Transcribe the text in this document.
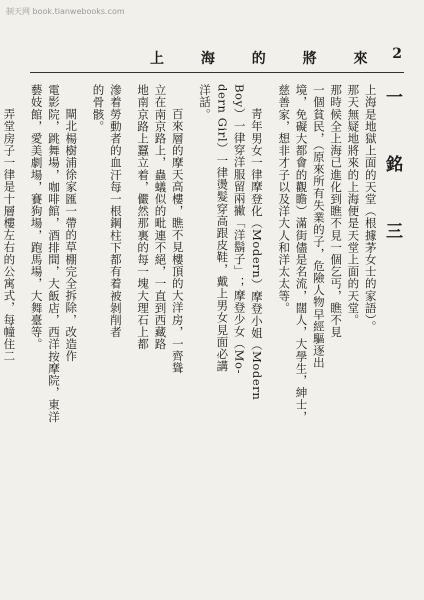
制天网 book.tianwebooks.com
上 海 的 將 來 2
一 銘 三
上海是地獄上面的天堂（根據茅女士的家語）。
那天無疑地將來的上海便是天堂上面的天堂。
那時候全上海已進化到瞧不見一個乞丐，瞧不見
一個貧民，（原來所有失業的子，危險人物早經驅逐出
境，免礙大都會的觀瞻）滿街儘是名流，闊人，大學生，紳士，
慈善家，想非才子以及洋大人和洋太太等。
靑年男女一律摩登化（Modern）摩登小姐（Modern
Boy）一律穿洋服留兩撇「洋鬍子」；摩登少女（Mo-
dern Girl）一律燙髮穿高跟皮鞋，戴上男女見面必講
洋話。
百來層的摩天高樓，瞧不見樓頂的大洋房，一齊聳
立在南京路上，蟲蟻似的毗連不絕，一直到西藏路
地南京路上蠶立着，儼然那裏的每一塊大理石上都
滲着勞動者的血汗每一根鋼柱下都有着被剝削者
的骨骸。
閘北楊樹浦徐家匯一帶的草棚完全拆除，改造作
電影院，跳舞場，咖啡館，酒排間，大飯店，西洋按摩院，東洋
藝妓館，愛美劇場，賽狗場，跑馬場，大舞臺等。
弄堂房子一律是十層樓左右的公寓式，每幢住二
